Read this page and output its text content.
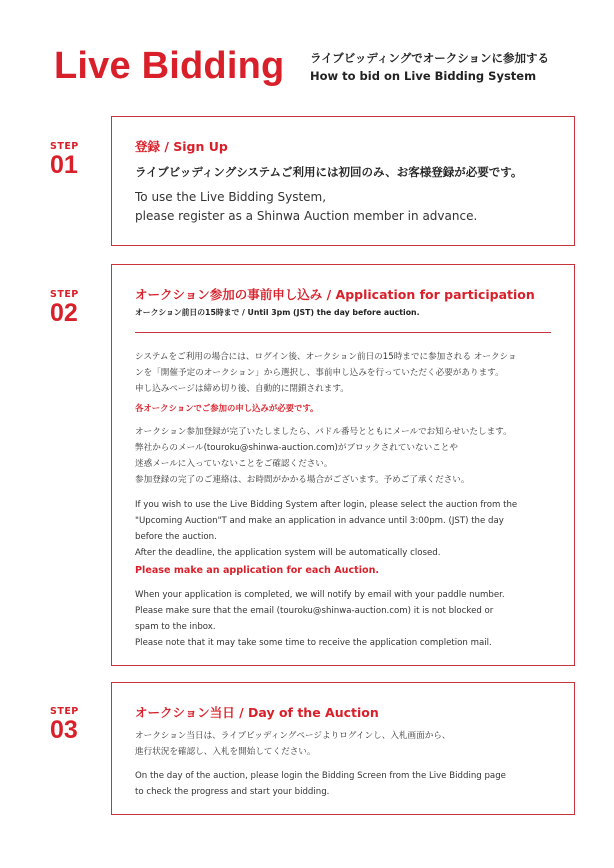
Live Bidding ライブビッディングでオークションに参加する
How to bid on Live Bidding System
STEP
01
登録 / Sign Up
ライブビッディングシステムご利用には初回のみ、お客様登録が必要です。
To use the Live Bidding System,
please register as a Shinwa Auction member in advance.
STEP
02
オークション参加の事前申し込み / Application for participation
オークション前日の15時まで / Until 3pm (JST) the day before auction.
システムをご利用の場合には、ログイン後、オークション前日の15時までに参加される オークショ
ンを「開催予定のオークション」から選択し、事前申し込みを行っていただく必要があります。
申し込みページは締め切り後、自動的に閉鎖されます。
各オークションでご参加の申し込みが必要です。
オークション参加登録が完了いたしましたら、パドル番号とともにメールでお知らせいたします。
弊社からのメール(touroku@shinwa-auction.com)がブロックされていないことや
迷惑メールに入っていないことをご確認ください。
参加登録の完了のご連絡は、お時間がかかる場合がございます。予めご了承ください。
If you wish to use the Live Bidding System after login, please select the auction from the
"Upcoming Auction"T and make an application in advance until 3:00pm. (JST) the day
before the auction.
After the deadline, the application system will be automatically closed.
Please make an application for each Auction.
When your application is completed, we will notify by email with your paddle number.
Please make sure that the email (touroku@shinwa-auction.com) it is not blocked or
spam to the inbox.
Please note that it may take some time to receive the application completion mail.
STEP
03
オークション当日 / Day of the Auction
オークション当日は、ライブビッディングページよりログインし、入札画面から、
進行状況を確認し、入札を開始してください。
On the day of the auction, please login the Bidding Screen from the Live Bidding page
to check the progress and start your bidding.
